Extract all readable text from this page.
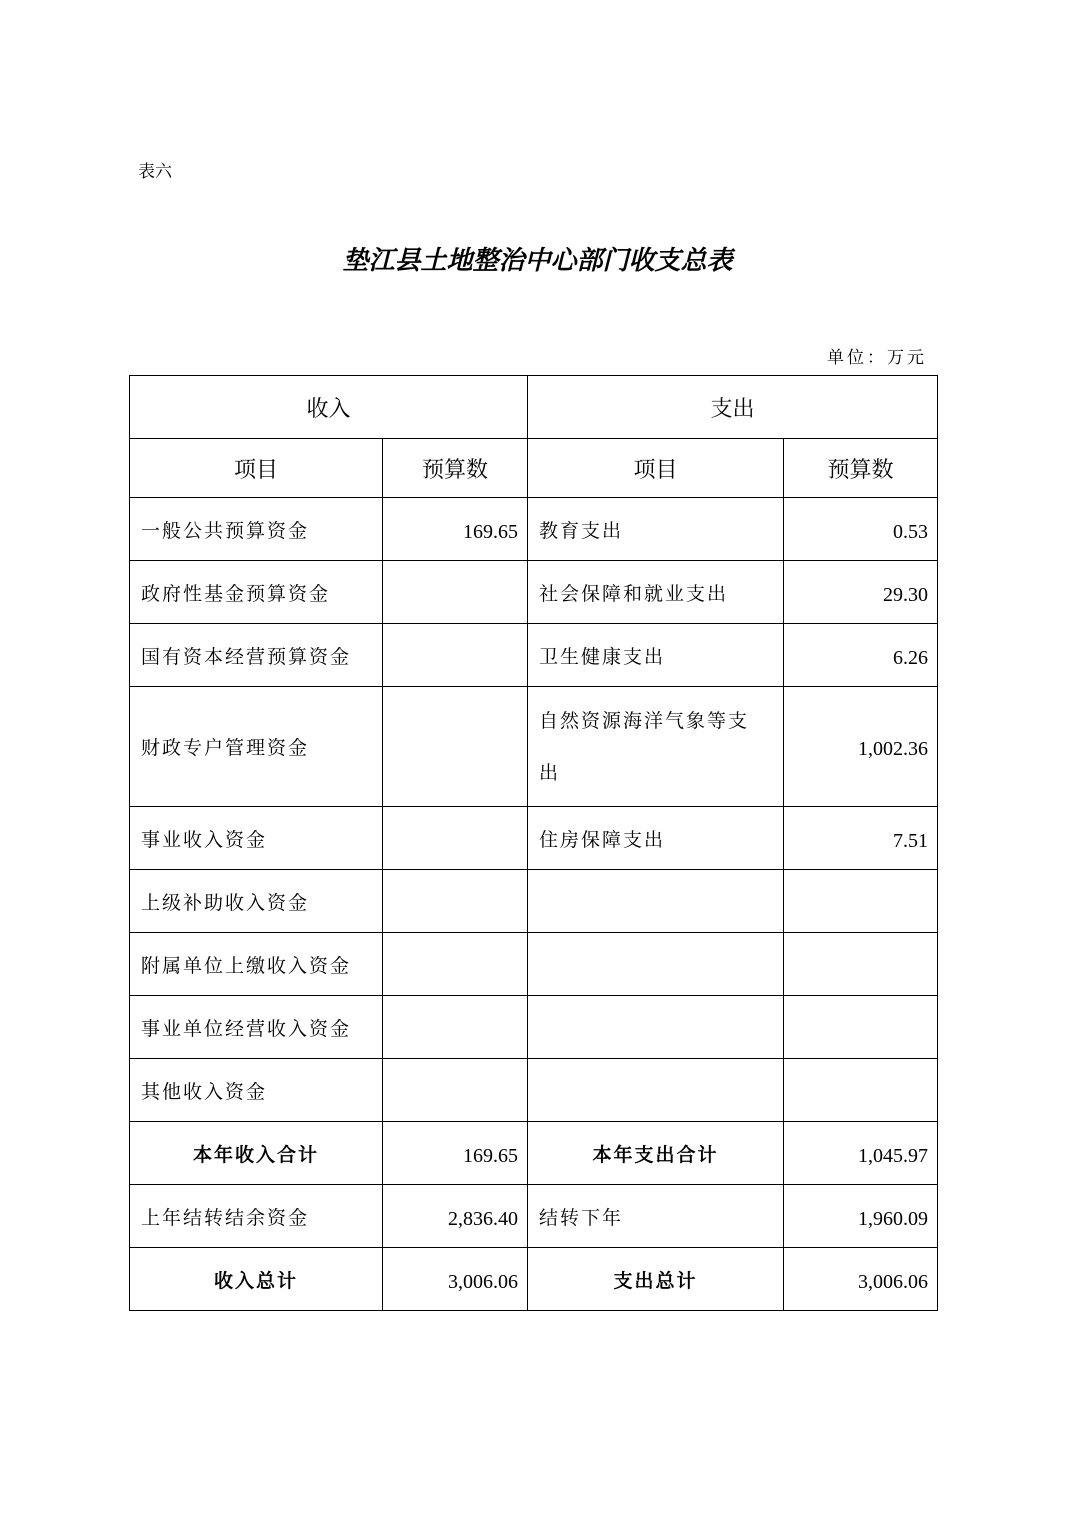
表六
垫江县土地整治中心部门收支总表
单位：万元
收入		支出	
项目	预算数	项目	预算数
一般公共预算资金	169.65	教育支出	0.53
政府性基金预算资金		社会保障和就业支出	29.30
国有资本经营预算资金		卫生健康支出	6.26
财政专户管理资金		自然资源海洋气象等支出	1,002.36
事业收入资金		住房保障支出	7.51
上级补助收入资金			
附属单位上缴收入资金			
事业单位经营收入资金			
其他收入资金			
本年收入合计	169.65	本年支出合计	1,045.97
上年结转结余资金	2,836.40	结转下年	1,960.09
收入总计	3,006.06	支出总计	3,006.06
